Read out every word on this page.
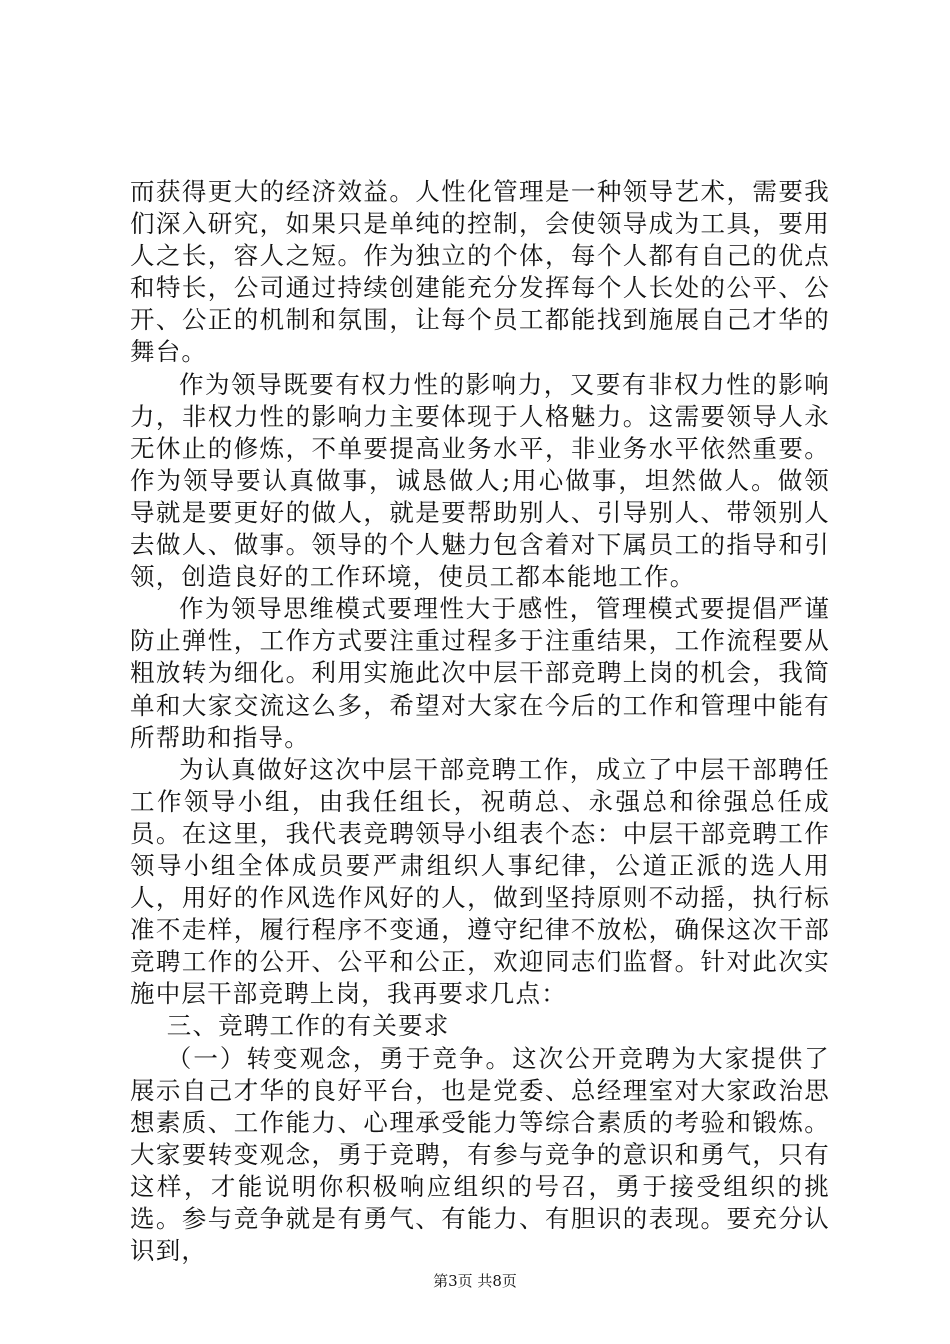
而获得更大的经济效益。人性化管理是一种领导艺术，需要我们深入研究，如果只是单纯的控制，会使领导成为工具，要用人之长，容人之短。作为独立的个体，每个人都有自己的优点和特长，公司通过持续创建能充分发挥每个人长处的公平、公开、公正的机制和氛围，让每个员工都能找到施展自己才华的舞台。

作为领导既要有权力性的影响力，又要有非权力性的影响力，非权力性的影响力主要体现于人格魅力。这需要领导人永无休止的修炼，不单要提高业务水平，非业务水平依然重要。作为领导要认真做事，诚恳做人;用心做事，坦然做人。做领导就是要更好的做人，就是要帮助别人、引导别人、带领别人去做人、做事。领导的个人魅力包含着对下属员工的指导和引领，创造良好的工作环境，使员工都本能地工作。

作为领导思维模式要理性大于感性，管理模式要提倡严谨防止弹性，工作方式要注重过程多于注重结果，工作流程要从粗放转为细化。利用实施此次中层干部竞聘上岗的机会，我简单和大家交流这么多，希望对大家在今后的工作和管理中能有所帮助和指导。

为认真做好这次中层干部竞聘工作，成立了中层干部聘任工作领导小组，由我任组长，祝萌总、永强总和徐强总任成员。在这里，我代表竞聘领导小组表个态：中层干部竞聘工作领导小组全体成员要严肃组织人事纪律，公道正派的选人用人，用好的作风选作风好的人，做到坚持原则不动摇，执行标准不走样，履行程序不变通，遵守纪律不放松，确保这次干部竞聘工作的公开、公平和公正，欢迎同志们监督。针对此次实施中层干部竞聘上岗，我再要求几点：

三、竞聘工作的有关要求

（一）转变观念，勇于竞争。这次公开竞聘为大家提供了展示自己才华的良好平台，也是党委、总经理室对大家政治思想素质、工作能力、心理承受能力等综合素质的考验和锻炼。大家要转变观念，勇于竞聘，有参与竞争的意识和勇气，只有这样，才能说明你积极响应组织的号召，勇于接受组织的挑选。参与竞争就是有勇气、有能力、有胆识的表现。要充分认识到，

第3页 共8页
